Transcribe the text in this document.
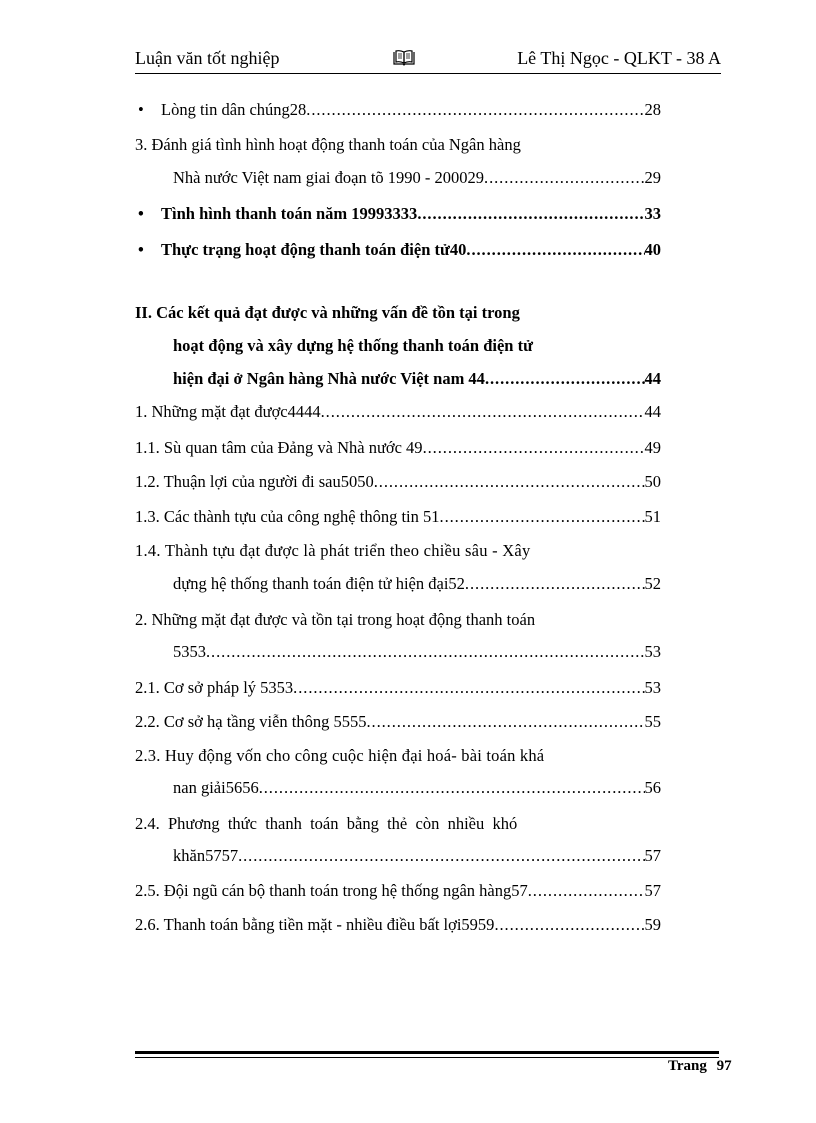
Luận văn tốt nghiệp	Lê Thị Ngọc - QLKT - 38 A
• Lòng tin dân chúng28 . . .	28
3. Đánh giá tình hình hoạt động thanh toán của Ngân hàng
Nhà nước Việt nam giai đoạn tõ 1990 - 200029 . . .	29
• Tình hình thanh toán năm 19993333 . . .	33
• Thực trạng hoạt động thanh toán điện tử40 . . .	40
II. Các kết quả đạt được và những vấn đề tồn tại trong
hoạt động và xây dựng hệ thống thanh toán điện tử
hiện đại ở Ngân hàng Nhà nước Việt nam 44 . . .	44
1. Những mặt đạt được4444 . . .	44
1.1. Sù quan tâm của Đảng và Nhà nước 49 . . .	49
1.2. Thuận lợi của người đi sau5050 . . .	50
1.3. Các thành tựu của công nghệ thông tin 51 . . .	51
1.4. Thành tựu đạt được là phát triển theo chiều sâu - Xây
dựng hệ thống thanh toán điện tử hiện đại52 . . .	52
2. Những mặt đạt được và tồn tại trong hoạt động thanh toán
5353 . . .	53
2.1. Cơ sở pháp lý 5353 . . .	53
2.2. Cơ sở hạ tầng viễn thông 5555 . . .	55
2.3. Huy động vốn cho công cuộc hiện đại hoá- bài toán khá
nan giải5656 . . .	56
2.4.  Phương  thức  thanh  toán  bằng  thẻ  còn  nhiều  khó
khăn5757 . . .	57
2.5. Đội ngũ cán bộ thanh toán trong hệ thống ngân hàng57 . . .	57
2.6. Thanh toán bằng tiền mặt - nhiều điều bất lợi5959 . . .	59
Trang 97
